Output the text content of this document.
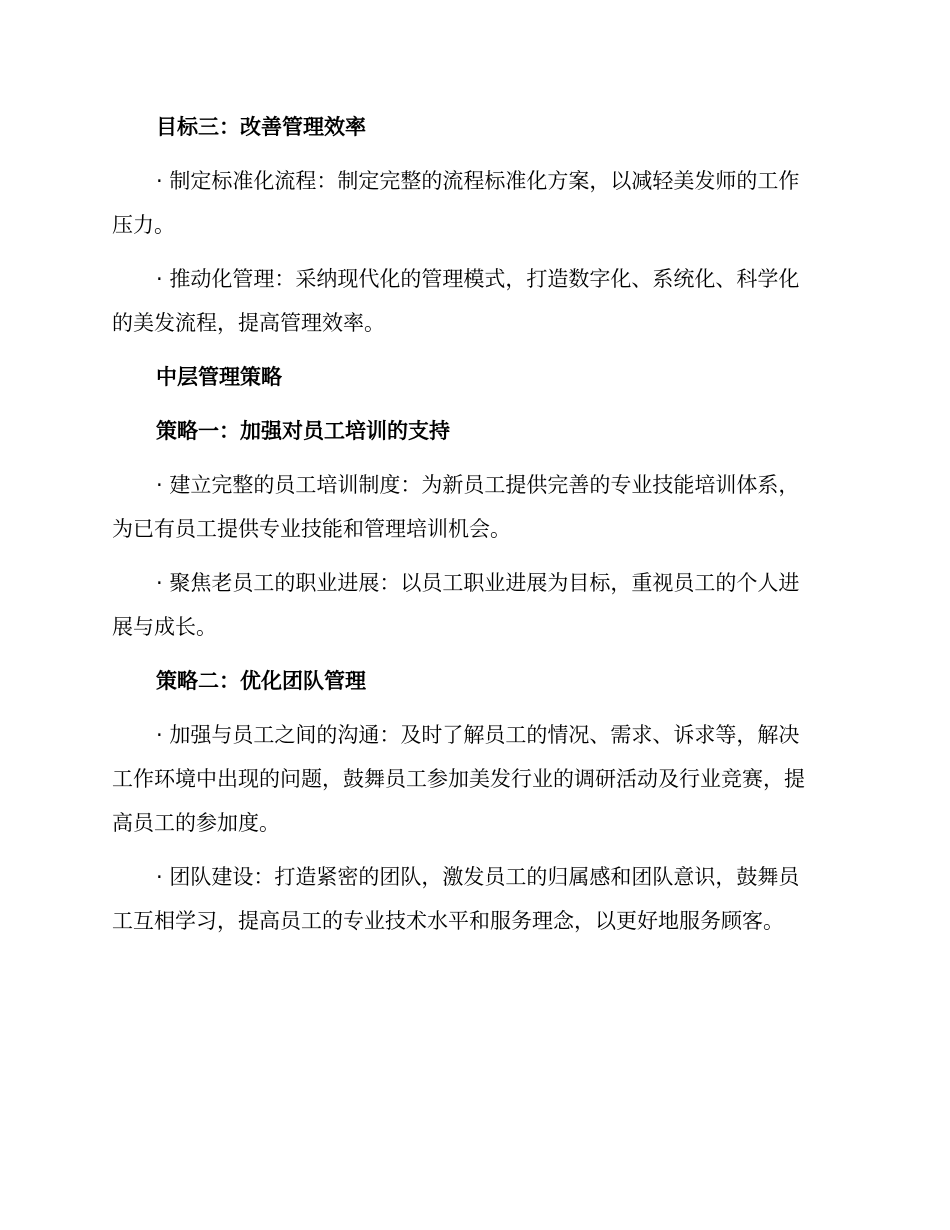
目标三：改善管理效率
· 制定标准化流程：制定完整的流程标准化方案，以减轻美发师的工作
压力。
· 推动化管理：采纳现代化的管理模式，打造数字化、系统化、科学化
的美发流程，提高管理效率。
中层管理策略
策略一：加强对员工培训的支持
· 建立完整的员工培训制度：为新员工提供完善的专业技能培训体系，
为已有员工提供专业技能和管理培训机会。
· 聚焦老员工的职业进展：以员工职业进展为目标，重视员工的个人进
展与成长。
策略二：优化团队管理
· 加强与员工之间的沟通：及时了解员工的情况、需求、诉求等，解决
工作环境中出现的问题，鼓舞员工参加美发行业的调研活动及行业竞赛，提
高员工的参加度。
· 团队建设：打造紧密的团队，激发员工的归属感和团队意识，鼓舞员
工互相学习，提高员工的专业技术水平和服务理念，以更好地服务顾客。
